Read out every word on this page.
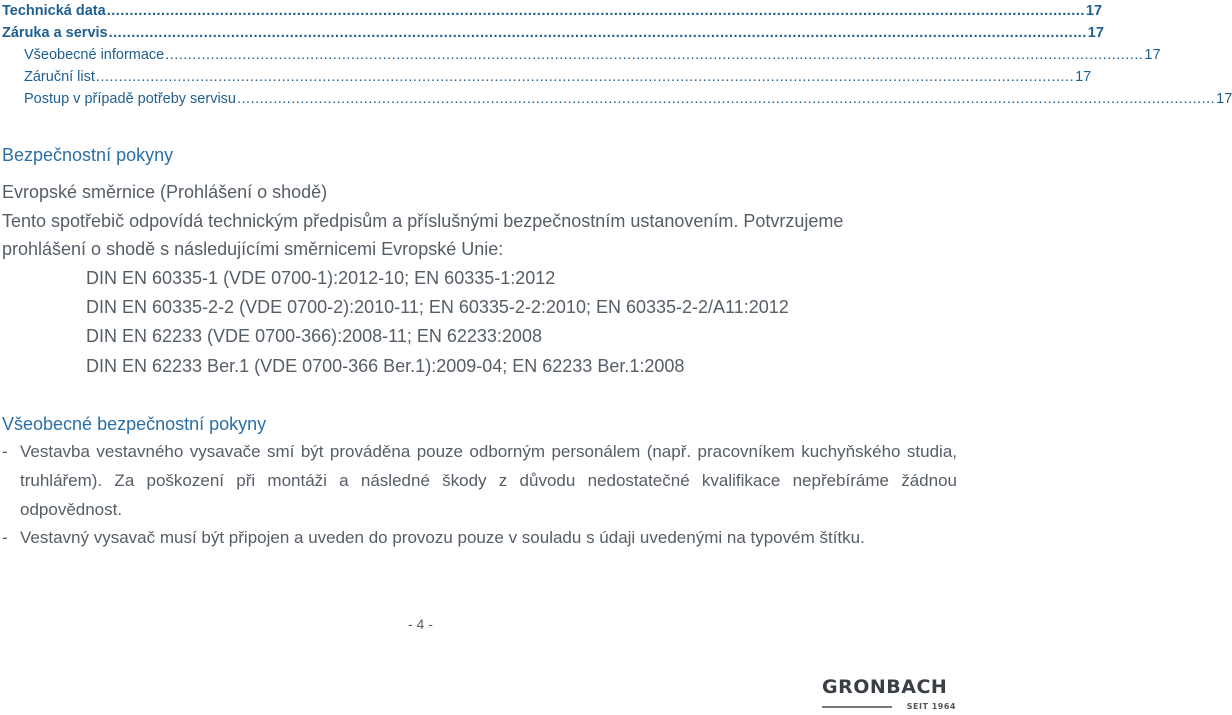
Technická data ........................................................................................................................................................................................................................ 17
Záruka a servis ........................................................................................................................................................................................................................ 17
Všeobecné informace ........................................................................................................................................................................................................................ 17
Záruční list ........................................................................................................................................................................................................................ 17
Postup v případě potřeby servisu ........................................................................................................................................................................................................................ 17
Bezpečnostní pokyny
Evropské směrnice (Prohlášení o shodě)
Tento spotřebič odpovídá technickým předpisům a příslušnými bezpečnostním ustanovením. Potvrzujeme
prohlášení o shodě s následujícími směrnicemi Evropské Unie:
DIN EN 60335-1 (VDE 0700-1):2012-10; EN 60335-1:2012
DIN EN 60335-2-2 (VDE 0700-2):2010-11; EN 60335-2-2:2010; EN 60335-2-2/A11:2012
DIN EN 62233 (VDE 0700-366):2008-11; EN 62233:2008
DIN EN 62233 Ber.1 (VDE 0700-366 Ber.1):2009-04; EN 62233 Ber.1:2008
Všeobecné bezpečnostní pokyny
- Vestavba vestavného vysavače smí být prováděna pouze odborným personálem (např. pracovníkem kuchyňského studia, truhlářem). Za poškození při montáži a následné škody z důvodu nedostatečné kvalifikace nepřebíráme žádnou odpovědnost.
- Vestavný vysavač musí být připojen a uveden do provozu pouze v souladu s údaji uvedenými na typovém štítku.
- 4 -
GRONBACH
SEIT 1964
